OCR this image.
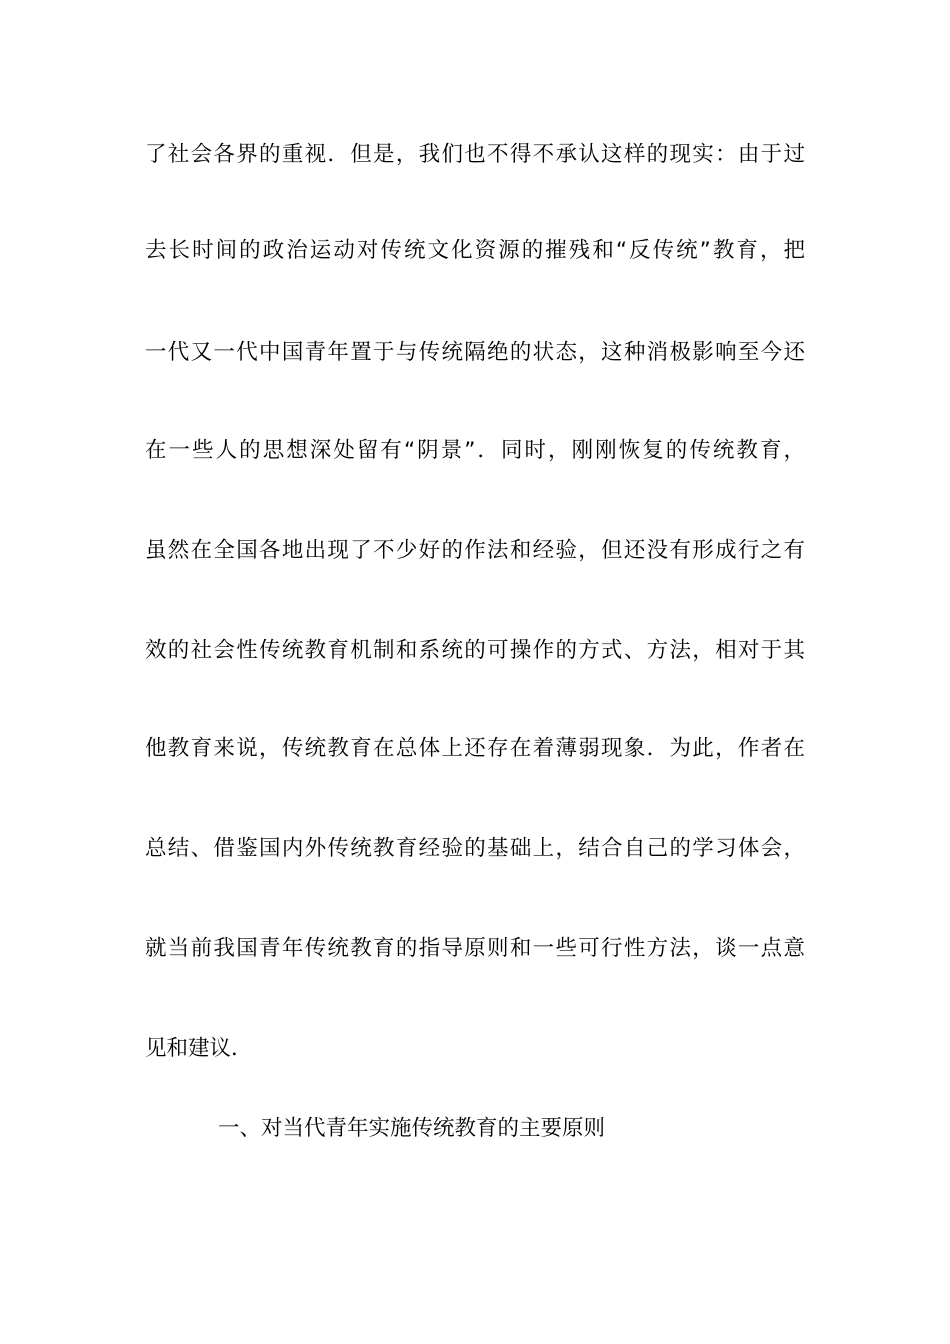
了社会各界的重视．但是，我们也不得不承认这样的现实：由于过
去长时间的政治运动对传统文化资源的摧残和“反传统”教育，把
一代又一代中国青年置于与传统隔绝的状态，这种消极影响至今还
在一些人的思想深处留有“阴景”．同时，刚刚恢复的传统教育，
虽然在全国各地出现了不少好的作法和经验，但还没有形成行之有
效的社会性传统教育机制和系统的可操作的方式、方法，相对于其
他教育来说，传统教育在总体上还存在着薄弱现象．为此，作者在
总结、借鉴国内外传统教育经验的基础上，结合自己的学习体会，
就当前我国青年传统教育的指导原则和一些可行性方法，谈一点意
见和建议．
一、对当代青年实施传统教育的主要原则
